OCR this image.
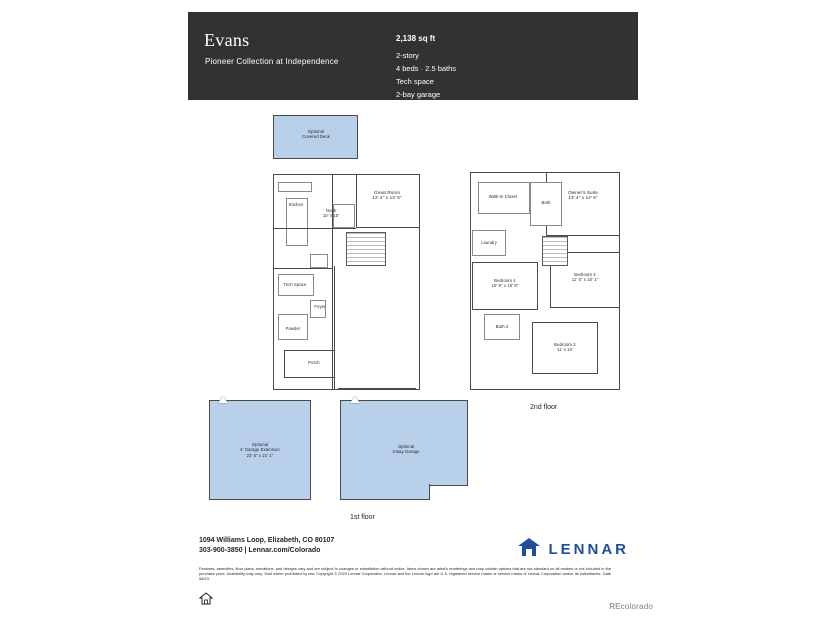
Evans
Pioneer Collection at Independence
2,138 sq ft
2-story
4 beds · 2.5 baths
Tech space
2-bay garage
Optional
Covered Deck
Kitchen
Nook
10' x 10'
Great Room
12' 4" x 13' 5"
Tech Space
Foyer
Powder
Porch

Walk-In Closet
Bath
Owner's Suite
13' 4" x 14' 5"
Laundry
Bedroom 4
10' 5" x 10' 5"
Bedroom 2
11' 5" x 10' 1"
Bath 2
Bedroom 3
11' x 10'
2nd floor
Optional
4' Garage Extension
23' 5" x 21' 1"
Optional
3-Bay Garage
1st floor
1094 Williams Loop, Elizabeth, CO 80107
303-900-3850 | Lennar.com/Colorado	LENNAR
Features, amenities, floor plans, elevations, and designs vary and are subject to changes or substitution without notice. Items shown are artist's renderings and may contain options that are not standard on all models or not included in the purchase price. Availability may vary. Void where prohibited by law. Copyright © 2023 Lennar Corporation. Lennar and the Lennar logo are U.S. registered service marks or service marks of Lennar Corporation and/or its subsidiaries. Date 08/23.
REcolorado
